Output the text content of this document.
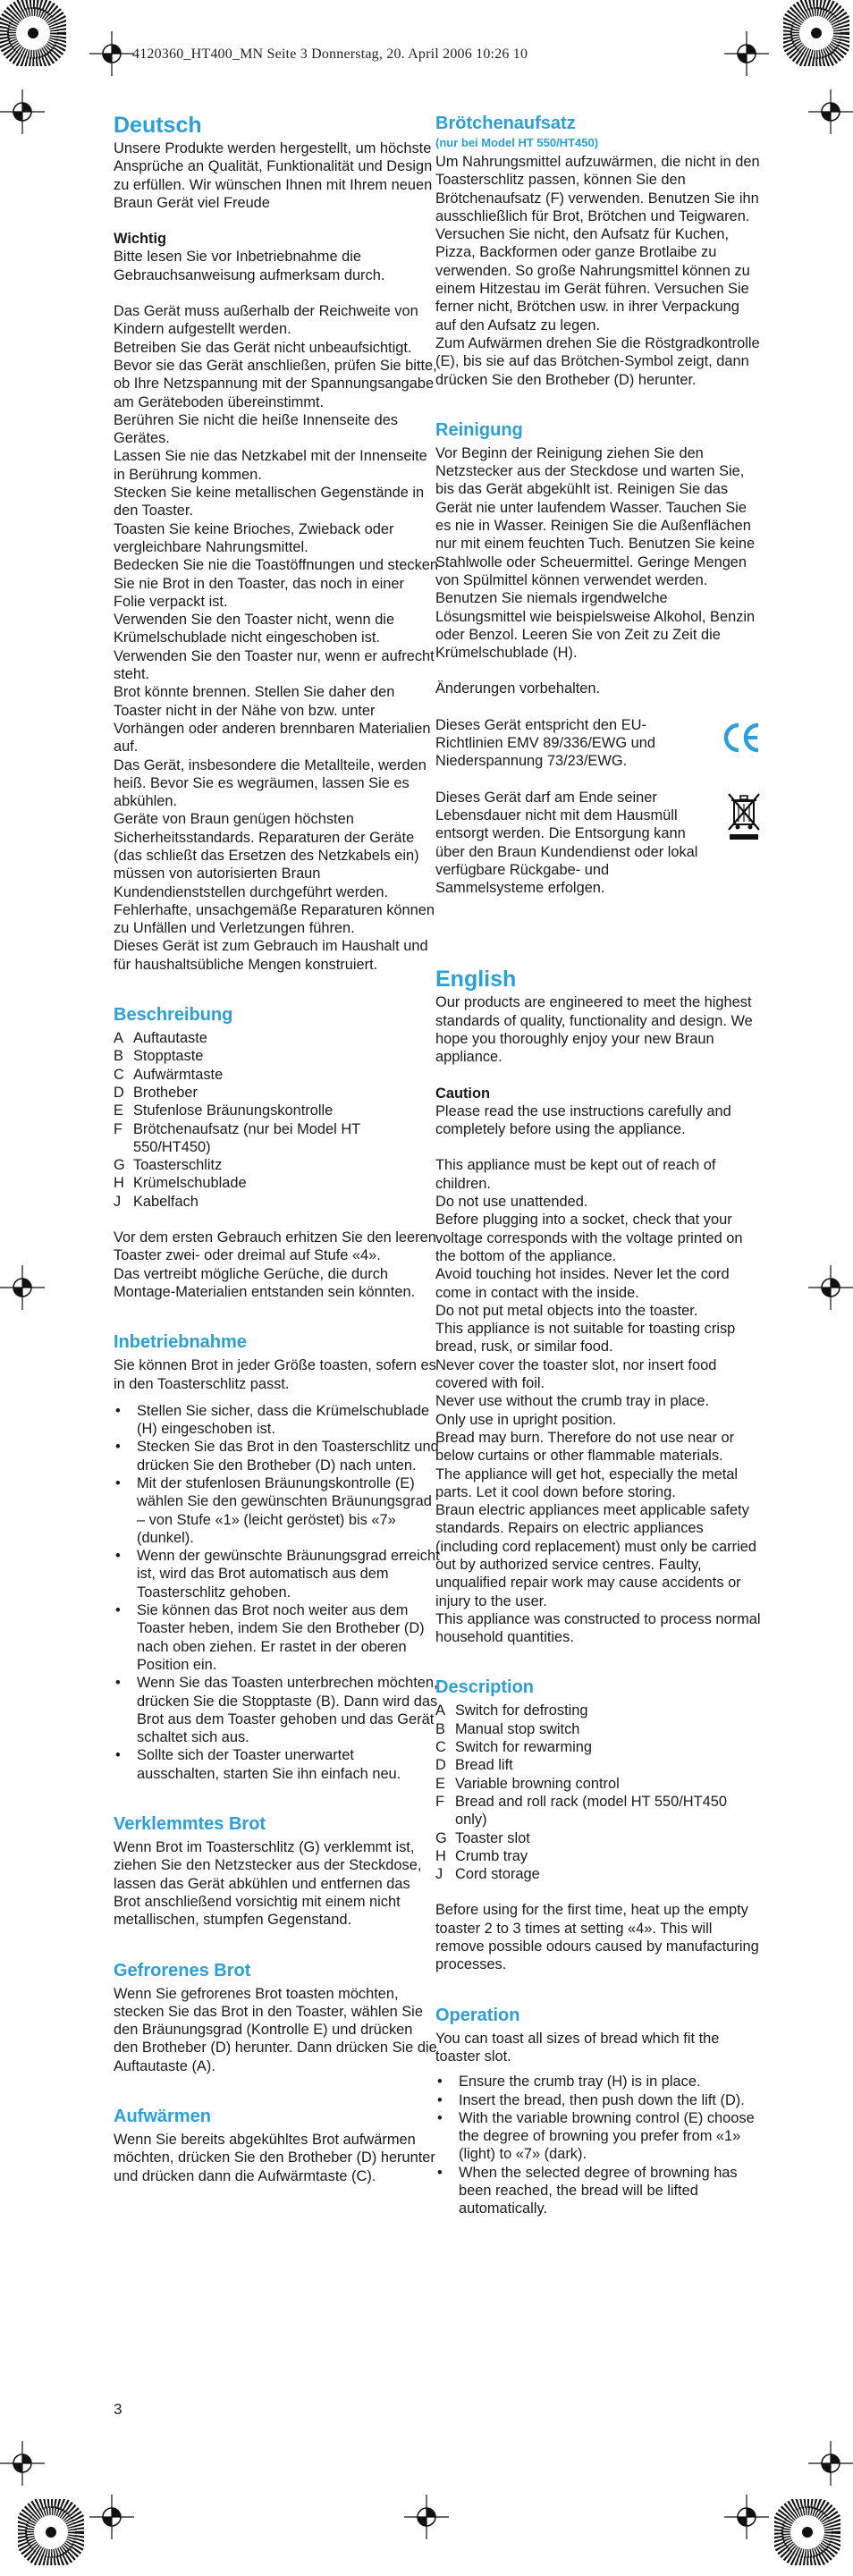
4120360_HT400_MN Seite 3 Donnerstag, 20. April 2006 10:26 10
Deutsch

Unsere Produkte werden hergestellt, um höchste Ansprüche an Qualität, Funktionalität und Design zu erfüllen. Wir wünschen Ihnen mit Ihrem neuen Braun Gerät viel Freude

Wichtig

Bitte lesen Sie vor Inbetriebnahme die Gebrauchsanweisung aufmerksam durch.

Das Gerät muss außerhalb der Reichweite von Kindern aufgestellt werden.

Betreiben Sie das Gerät nicht unbeaufsichtigt.

Bevor sie das Gerät anschließen, prüfen Sie bitte, ob Ihre Netzspannung mit der Spannungsangabe am Geräteboden übereinstimmt.

Berühren Sie nicht die heiße Innenseite des Gerätes.

Lassen Sie nie das Netzkabel mit der Innenseite in Berührung kommen.

Stecken Sie keine metallischen Gegenstände in den Toaster.

Toasten Sie keine Brioches, Zwieback oder vergleichbare Nahrungsmittel.

Bedecken Sie nie die Toastöffnungen und stecken Sie nie Brot in den Toaster, das noch in einer Folie verpackt ist.

Verwenden Sie den Toaster nicht, wenn die Krümelschublade nicht eingeschoben ist.

Verwenden Sie den Toaster nur, wenn er aufrecht steht.

Brot könnte brennen. Stellen Sie daher den Toaster nicht in der Nähe von bzw. unter Vorhängen oder anderen brennbaren Materialien auf.

Das Gerät, insbesondere die Metallteile, werden heiß. Bevor Sie es wegräumen, lassen Sie es abkühlen.

Geräte von Braun genügen höchsten Sicherheitsstandards. Reparaturen der Geräte (das schließt das Ersetzen des Netzkabels ein) müssen von autorisierten Braun Kundendienststellen durchgeführt werden. Fehlerhafte, unsachgemäße Reparaturen können zu Unfällen und Verletzungen führen.

Dieses Gerät ist zum Gebrauch im Haushalt und für haushaltsübliche Mengen konstruiert.

Beschreibung
A Auftautaste
B Stopptaste
C Aufwärmtaste
D Brotheber
E Stufenlose Bräunungskontrolle
F Brötchenaufsatz (nur bei Model HT 550/HT450)
G Toasterschlitz
H Krümelschublade
J Kabelfach

Vor dem ersten Gebrauch erhitzen Sie den leeren Toaster zwei- oder dreimal auf Stufe «4».

Das vertreibt mögliche Gerüche, die durch Montage-Materialien entstanden sein könnten.

Inbetriebnahme

Sie können Brot in jeder Größe toasten, sofern es in den Toasterschlitz passt.

•	Stellen Sie sicher, dass die Krümelschublade (H) eingeschoben ist.
•	Stecken Sie das Brot in den Toasterschlitz und drücken Sie den Brotheber (D) nach unten.
•	Mit der stufenlosen Bräunungskontrolle (E) wählen Sie den gewünschten Bräunungsgrad – von Stufe «1» (leicht geröstet) bis «7» (dunkel).
•	Wenn der gewünschte Bräunungsgrad erreicht ist, wird das Brot automatisch aus dem Toasterschlitz gehoben.
•	Sie können das Brot noch weiter aus dem Toaster heben, indem Sie den Brotheber (D) nach oben ziehen. Er rastet in der oberen Position ein.
•	Wenn Sie das Toasten unterbrechen möchten, drücken Sie die Stopptaste (B). Dann wird das Brot aus dem Toaster gehoben und das Gerät schaltet sich aus.
•	Sollte sich der Toaster unerwartet ausschalten, starten Sie ihn einfach neu.
Verklemmtes Brot

Wenn Brot im Toasterschlitz (G) verklemmt ist, ziehen Sie den Netzstecker aus der Steckdose, lassen das Gerät abkühlen und entfernen das Brot anschließend vorsichtig mit einem nicht metallischen, stumpfen Gegenstand.

Gefrorenes Brot

Wenn Sie gefrorenes Brot toasten möchten, stecken Sie das Brot in den Toaster, wählen Sie den Bräunungsgrad (Kontrolle E) und drücken den Brotheber (D) herunter. Dann drücken Sie die Auftautaste (A).

Aufwärmen

Wenn Sie bereits abgekühltes Brot aufwärmen möchten, drücken Sie den Brotheber (D) herunter und drücken dann die Aufwärmtaste (C).

Brötchenaufsatz
(nur bei Model HT 550/HT450)

Um Nahrungsmittel aufzuwärmen, die nicht in den Toasterschlitz passen, können Sie den Brötchenaufsatz (F) verwenden. Benutzen Sie ihn ausschließlich für Brot, Brötchen und Teigwaren. Versuchen Sie nicht, den Aufsatz für Kuchen, Pizza, Backformen oder ganze Brotlaibe zu verwenden. So große Nahrungsmittel können zu einem Hitzestau im Gerät führen. Versuchen Sie ferner nicht, Brötchen usw. in ihrer Verpackung auf den Aufsatz zu legen.

Zum Aufwärmen drehen Sie die Röstgradkontrolle (E), bis sie auf das Brötchen-Symbol zeigt, dann drücken Sie den Brotheber (D) herunter.

Reinigung

Vor Beginn der Reinigung ziehen Sie den Netzstecker aus der Steckdose und warten Sie, bis das Gerät abgekühlt ist. Reinigen Sie das Gerät nie unter laufendem Wasser. Tauchen Sie es nie in Wasser. Reinigen Sie die Außenflächen nur mit einem feuchten Tuch. Benutzen Sie keine Stahlwolle oder Scheuermittel. Geringe Mengen von Spülmittel können verwendet werden. Benutzen Sie niemals irgendwelche Lösungsmittel wie beispielsweise Alkohol, Benzin oder Benzol. Leeren Sie von Zeit zu Zeit die Krümelschublade (H).

Änderungen vorbehalten.

Dieses Gerät entspricht den EU-Richtlinien EMV 89/336/EWG und Niederspannung 73/23/EWG.

Dieses Gerät darf am Ende seiner Lebensdauer nicht mit dem Hausmüll entsorgt werden. Die Entsorgung kann über den Braun Kundendienst oder lokal verfügbare Rückgabe- und Sammelsysteme erfolgen.

English

Our products are engineered to meet the highest standards of quality, functionality and design. We hope you thoroughly enjoy your new Braun appliance.

Caution

Please read the use instructions carefully and completely before using the appliance.

This appliance must be kept out of reach of children.

Do not use unattended.

Before plugging into a socket, check that your voltage corresponds with the voltage printed on the bottom of the appliance.

Avoid touching hot insides. Never let the cord come in contact with the inside.

Do not put metal objects into the toaster.

This appliance is not suitable for toasting crisp bread, rusk, or similar food.

Never cover the toaster slot, nor insert food covered with foil.

Never use without the crumb tray in place.

Only use in upright position.

Bread may burn. Therefore do not use near or below curtains or other flammable materials.

The appliance will get hot, especially the metal parts. Let it cool down before storing.

Braun electric appliances meet applicable safety standards. Repairs on electric appliances (including cord replacement) must only be carried out by authorized service centres. Faulty, unqualified repair work may cause accidents or injury to the user.

This appliance was constructed to process normal household quantities.

Description
A Switch for defrosting
B Manual stop switch
C Switch for rewarming
D Bread lift
E Variable browning control
F Bread and roll rack (model HT 550/HT450 only)
G Toaster slot
H Crumb tray
J Cord storage

Before using for the first time, heat up the empty toaster 2 to 3 times at setting «4». This will remove possible odours caused by manufacturing processes.

Operation

You can toast all sizes of bread which fit the toaster slot.

•	Ensure the crumb tray (H) is in place.
•	Insert the bread, then push down the lift (D).
•	With the variable browning control (E) choose the degree of browning you prefer from «1» (light) to «7» (dark).
•	When the selected degree of browning has been reached, the bread will be lifted automatically.
3
